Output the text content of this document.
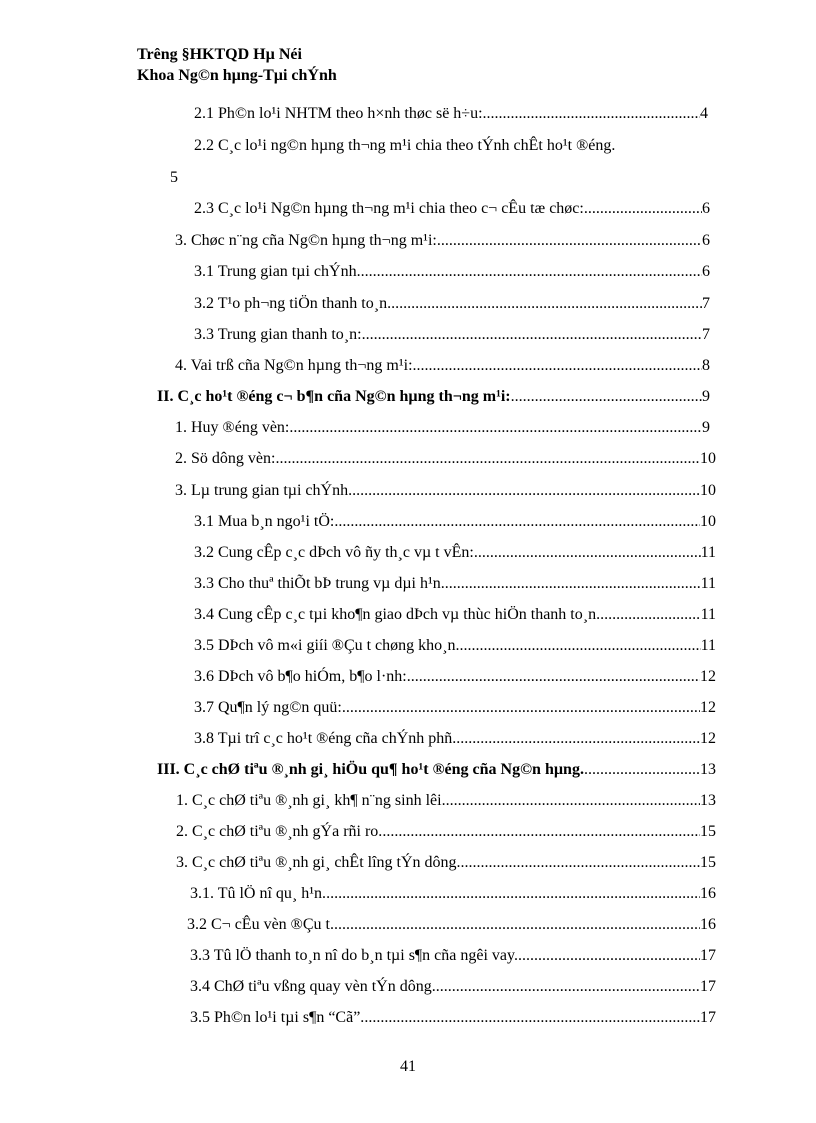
Trêng §HKTQD Hµ Néi
Khoa Ng©n hµng-Tµi chÝnh
2.1 Ph©n lo¹i NHTM theo h×nh thøc së h÷u: .....	4
2.2 C¸c lo¹i ng©n hµng th¬ng m¹i chia theo tÝnh chÊt ho¹t ®éng.
5
2.3 C¸c lo¹i Ng©n hµng th¬ng m¹i chia theo c¬ cÊu tæ chøc: .....	6
3. Chøc n¨ng cña Ng©n hµng th¬ng m¹i: .....	6
3.1 Trung gian tµi chÝnh. .....	6
3.2 T¹o ph¬ng tiÖn thanh to¸n .....	7
3.3 Trung gian thanh to¸n: .....	7
4. Vai trß cña Ng©n hµng th¬ng m¹i: .....	8
II. C¸c ho¹t ®éng c¬ b¶n cña Ng©n hµng th¬ng m¹i: .....	9
1. Huy ®éng vèn: .....	9
2. Sö dông vèn: .....	10
3. Lµ trung gian tµi chÝnh .....	10
3.1 Mua b¸n ngo¹i tÖ: .....	10
3.2 Cung cÊp c¸c dÞch vô ñy th¸c vµ t vÊn: .....	11
3.3 Cho thuª thiÕt bÞ trung vµ dµi h¹n. .....	11
3.4 Cung cÊp c¸c tµi kho¶n giao dÞch vµ thùc hiÖn thanh to¸n. .....	11
3.5 DÞch vô m«i giíi ®Çu t chøng kho¸n .....	11
3.6 DÞch vô b¶o hiÓm, b¶o l·nh: .....	12
3.7 Qu¶n lý ng©n quü: .....	12
3.8 Tµi trî c¸c ho¹t ®éng cña chÝnh phñ .....	12
III. C¸c chØ tiªu ®¸nh gi¸ hiÖu qu¶ ho¹t ®éng cña Ng©n hµng. .....	13
1. C¸c chØ tiªu ®¸nh gi¸ kh¶ n¨ng sinh lêi. .....	13
2. C¸c chØ tiªu ®¸nh gÝa rñi ro. .....	15
3. C¸c chØ tiªu ®¸nh gi¸ chÊt lîng tÝn dông. .....	15
3.1. Tû lÖ nî qu¸ h¹n. .....	16
3.2 C¬ cÊu vèn ®Çu t. .....	16
3.3 Tû lÖ thanh to¸n nî do b¸n tµi s¶n cña ngêi vay. .....	17
3.4 ChØ tiªu vßng quay vèn tÝn dông. .....	17
3.5 Ph©n lo¹i tµi s¶n “Cã”. .....	17
41
